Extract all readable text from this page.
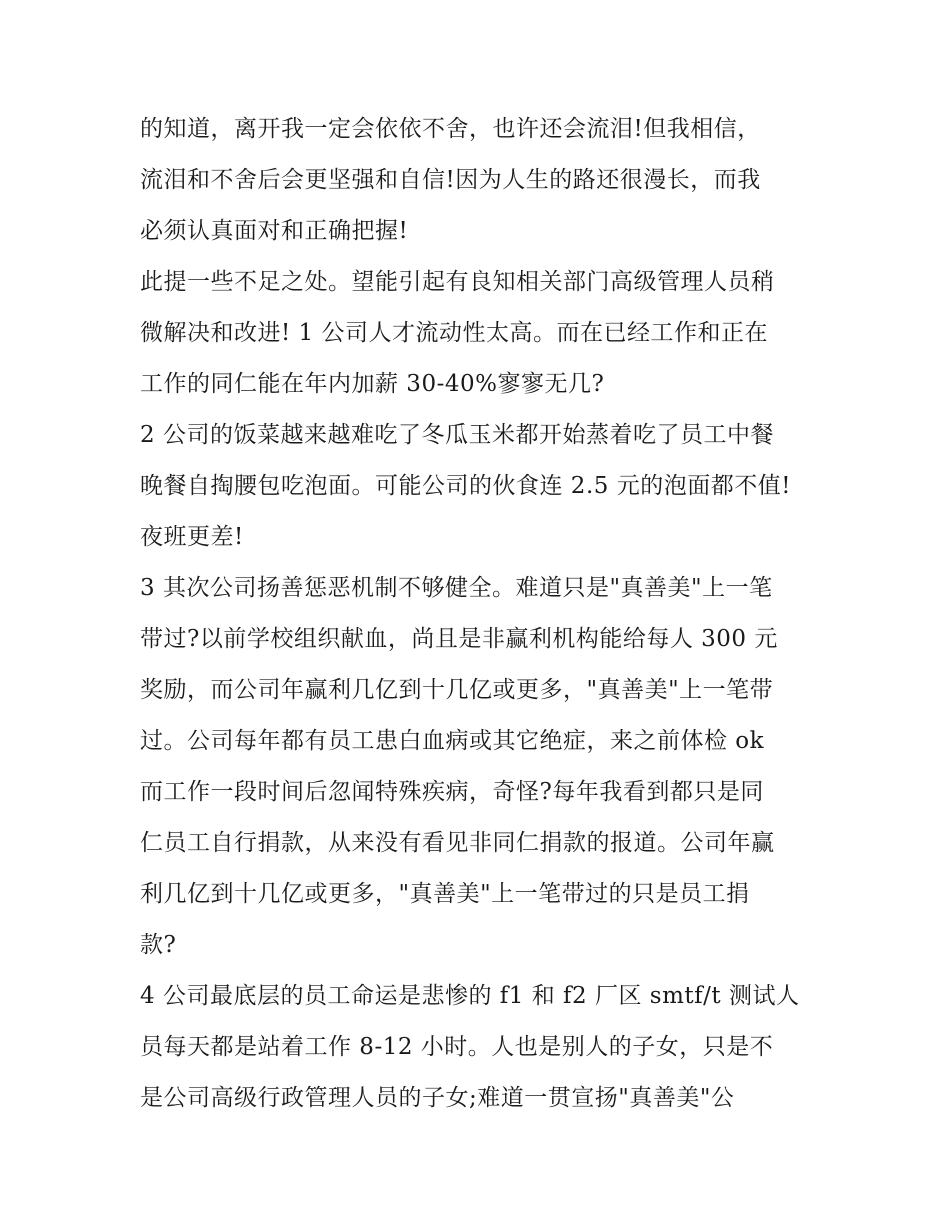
的知道，离开我一定会依依不舍，也许还会流泪!但我相信，
流泪和不舍后会更坚强和自信!因为人生的路还很漫长，而我
必须认真面对和正确把握!
此提一些不足之处。望能引起有良知相关部门高级管理人员稍
微解决和改进! 1 公司人才流动性太高。而在已经工作和正在
工作的同仁能在年内加薪 30-40%寥寥无几?
2 公司的饭菜越来越难吃了冬瓜玉米都开始蒸着吃了员工中餐
晚餐自掏腰包吃泡面。可能公司的伙食连 2.5 元的泡面都不值!
夜班更差!
3 其次公司扬善惩恶机制不够健全。难道只是"真善美"上一笔
带过?以前学校组织献血，尚且是非赢利机构能给每人 300 元
奖励，而公司年赢利几亿到十几亿或更多，"真善美"上一笔带
过。公司每年都有员工患白血病或其它绝症，来之前体检 ok
而工作一段时间后忽闻特殊疾病，奇怪?每年我看到都只是同
仁员工自行捐款，从来没有看见非同仁捐款的报道。公司年赢
利几亿到十几亿或更多，"真善美"上一笔带过的只是员工捐
款?
4 公司最底层的员工命运是悲惨的 f1 和 f2 厂区 smtf/t 测试人
员每天都是站着工作 8-12 小时。人也是别人的子女，只是不
是公司高级行政管理人员的子女;难道一贯宣扬"真善美"公
